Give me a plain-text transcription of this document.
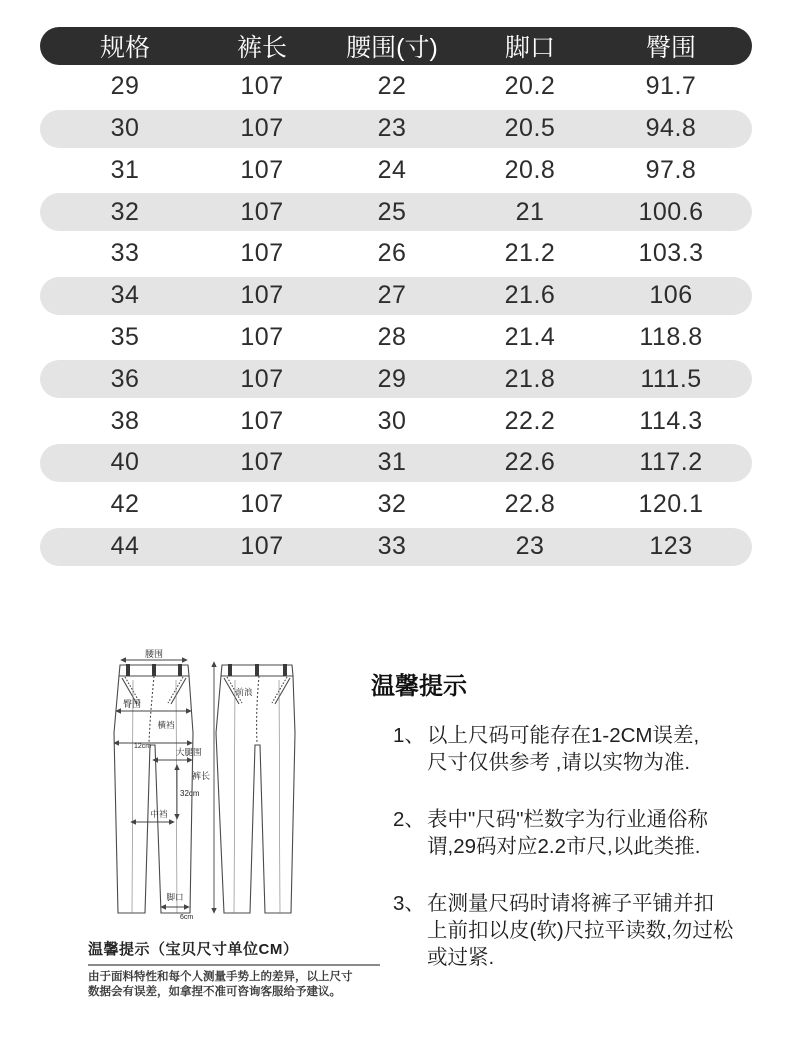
规格	裤长	腰围(寸)	脚口	臀围
29	107	22	20.2	91.7
30	107	23	20.5	94.8
31	107	24	20.8	97.8
32	107	25	21	100.6
33	107	26	21.2	103.3
34	107	27	21.6	106
35	107	28	21.4	118.8
36	107	29	21.8	111.5
38	107	30	22.2	114.3
40	107	31	22.6	117.2
42	107	32	22.8	120.1
44	107	33	23	123
腰围
臀围
横裆
12cm
大腿围
32cm
中裆
脚口
6cm
前浪
裤长
温馨提示（宝贝尺寸单位CM）
由于面料特性和每个人测量手势上的差异，以上尺寸
数据会有误差，如拿捏不准可咨询客服给予建议。
温馨提示
1、 以上尺码可能存在1-2CM误差,
尺寸仅供参考 ,请以实物为准.
2、 表中"尺码"栏数字为行业通俗称
谓,29码对应2.2市尺,以此类推.
3、 在测量尺码时请将裤子平铺并扣
上前扣以皮(软)尺拉平读数,勿过松
或过紧.
